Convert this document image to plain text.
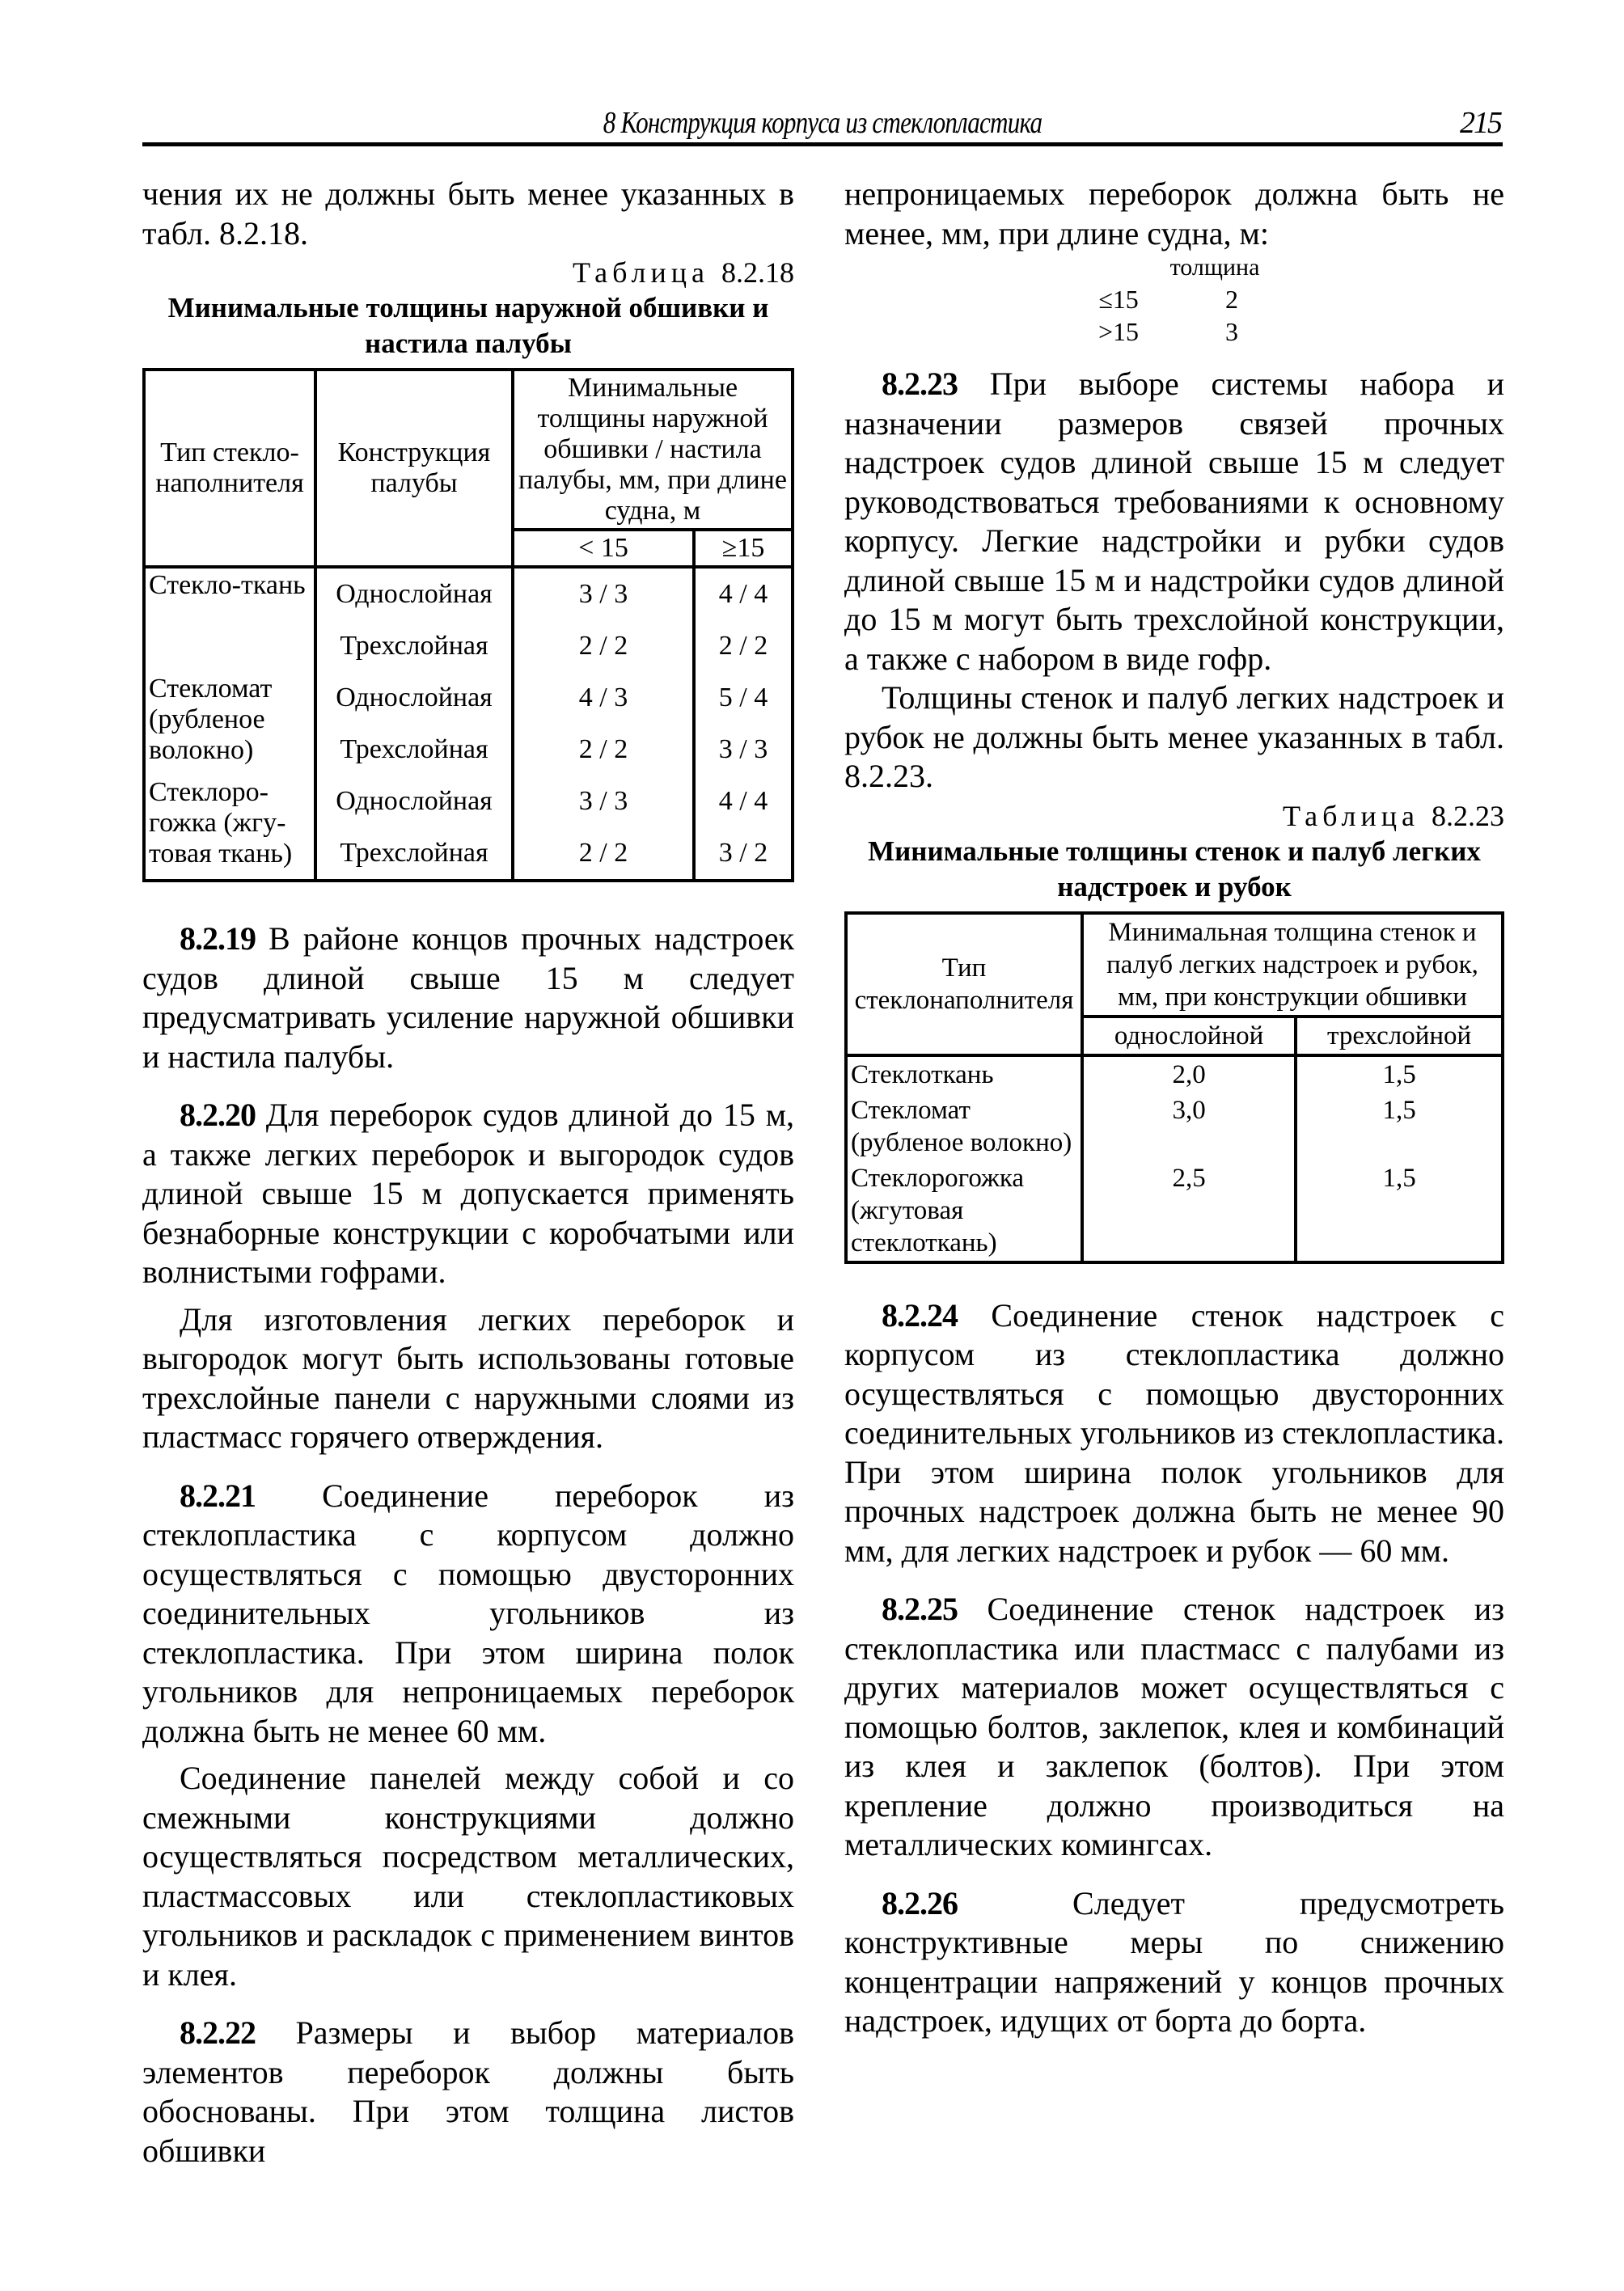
8 Конструкция корпуса из стеклопластика	215

чения их не должны быть менее указанных в табл. 8.2.18.

Таблица 8.2.18
Минимальные толщины наружной обшивки и настила палубы
Тип стекло-наполнителя	Конструкция палубы	Минимальные толщины наружной обшивки / настила палубы, мм, при длине судна, м	
		< 15	≥15
Стекло-ткань	Однослойная	3 / 3	4 / 4
	Трехслойная	2 / 2	2 / 2
Стекломат (рубленое волокно)	Однослойная	4 / 3	5 / 4
	Трехслойная	2 / 2	3 / 3
Стеклоро-гожка (жгу-товая ткань)	Однослойная	3 / 3	4 / 4
	Трехслойная	2 / 2	3 / 2

8.2.19 В районе концов прочных надстроек судов длиной свыше 15 м следует предусматривать усиление наружной обшивки и настила палубы.

8.2.20 Для переборок судов длиной до 15 м, а также легких переборок и выгородок судов длиной свыше 15 м допускается применять безнаборные конструкции с коробчатыми или волнистыми гофрами.

Для изготовления легких переборок и выгородок могут быть использованы готовые трехслойные панели с наружными слоями из пластмасс горячего отверждения.

8.2.21 Соединение переборок из стеклопластика с корпусом должно осуществляться с помощью двусторонних соединительных угольников из стеклопластика. При этом ширина полок угольников для непроницаемых переборок должна быть не менее 60 мм.

Соединение панелей между собой и со смежными конструкциями должно осуществляться посредством металлических, пластмассовых или стеклопластиковых угольников и раскладок с применением винтов и клея.

8.2.22 Размеры и выбор материалов элементов переборок должны быть обоснованы. При этом толщина листов обшивки

непроницаемых переборок должна быть не менее, мм, при длине судна, м:

толщина
≤15	2
>15	3

8.2.23 При выборе системы набора и назначении размеров связей прочных надстроек судов длиной свыше 15 м следует руководствоваться требованиями к основному корпусу. Легкие надстройки и рубки судов длиной свыше 15 м и надстройки судов длиной до 15 м могут быть трехслойной конструкции, а также с набором в виде гофр.

Толщины стенок и палуб легких надстроек и рубок не должны быть менее указанных в табл. 8.2.23.

Таблица 8.2.23
Минимальные толщины стенок и палуб легких надстроек и рубок
Тип стеклонаполнителя	Минимальная толщина стенок и палуб легких надстроек и рубок, мм, при конструкции обшивки	
	однослойной	трехслойной
Стеклоткань	2,0	1,5
Стекломат (рубленое волокно)	3,0	1,5
Стеклорогожка (жгутовая стеклоткань)	2,5	1,5

8.2.24 Соединение стенок надстроек с корпусом из стеклопластика должно осуществляться с помощью двусторонних соединительных угольников из стеклопластика. При этом ширина полок угольников для прочных надстроек должна быть не менее 90 мм, для легких надстроек и рубок — 60 мм.

8.2.25 Соединение стенок надстроек из стеклопластика или пластмасс с палубами из других материалов может осуществляться с помощью болтов, заклепок, клея и комбинаций из клея и заклепок (болтов). При этом крепление должно производиться на металлических комингсах.

8.2.26 Следует предусмотреть конструктивные меры по снижению концентрации напряжений у концов прочных надстроек, идущих от борта до борта.
